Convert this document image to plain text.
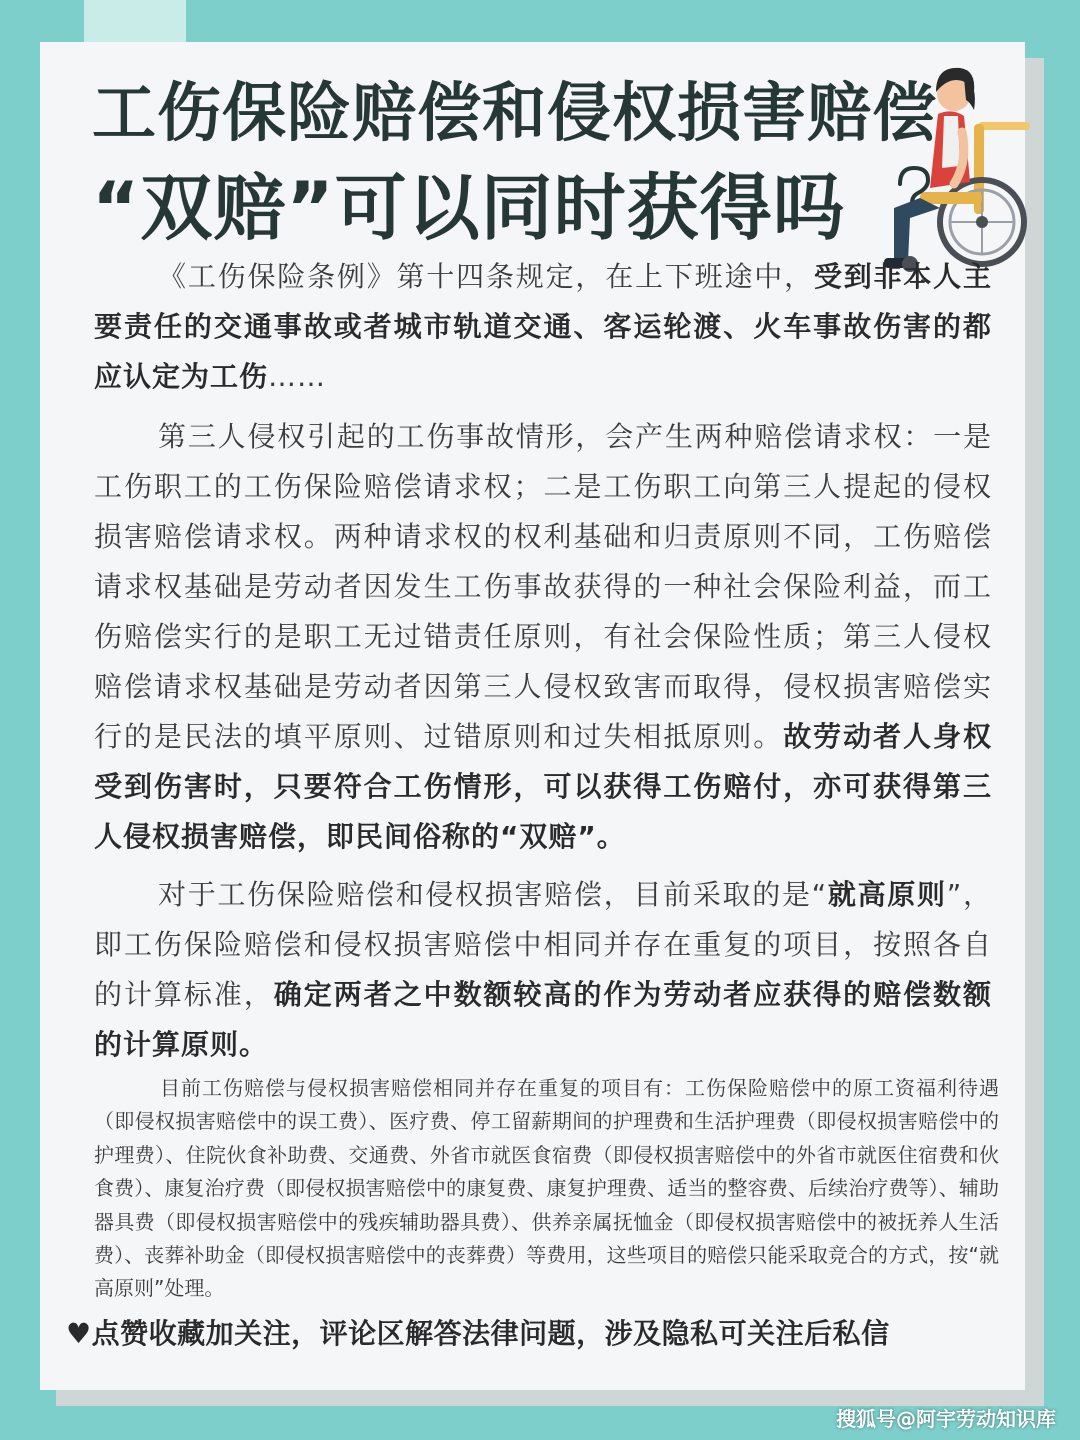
工伤保险赔偿和侵权损害赔偿
“双赔”可以同时获得吗

《工伤保险条例》第十四条规定，在上下班途中，受到非本人主要责任的交通事故或者城市轨道交通、客运轮渡、火车事故伤害的都应认定为工伤……

第三人侵权引起的工伤事故情形，会产生两种赔偿请求权：一是工伤职工的工伤保险赔偿请求权；二是工伤职工向第三人提起的侵权损害赔偿请求权。两种请求权的权利基础和归责原则不同，工伤赔偿请求权基础是劳动者因发生工伤事故获得的一种社会保险利益，而工伤赔偿实行的是职工无过错责任原则，有社会保险性质；第三人侵权赔偿请求权基础是劳动者因第三人侵权致害而取得，侵权损害赔偿实行的是民法的填平原则、过错原则和过失相抵原则。故劳动者人身权受到伤害时，只要符合工伤情形，可以获得工伤赔付，亦可获得第三人侵权损害赔偿，即民间俗称的“双赔”。

对于工伤保险赔偿和侵权损害赔偿，目前采取的是“就高原则”，即工伤保险赔偿和侵权损害赔偿中相同并存在重复的项目，按照各自的计算标准，确定两者之中数额较高的作为劳动者应获得的赔偿数额的计算原则。

目前工伤赔偿与侵权损害赔偿相同并存在重复的项目有：工伤保险赔偿中的原工资福利待遇（即侵权损害赔偿中的误工费）、医疗费、停工留薪期间的护理费和生活护理费（即侵权损害赔偿中的护理费）、住院伙食补助费、交通费、外省市就医食宿费（即侵权损害赔偿中的外省市就医住宿费和伙食费）、康复治疗费（即侵权损害赔偿中的康复费、康复护理费、适当的整容费、后续治疗费等）、辅助器具费（即侵权损害赔偿中的残疾辅助器具费）、供养亲属抚恤金（即侵权损害赔偿中的被抚养人生活费）、丧葬补助金（即侵权损害赔偿中的丧葬费）等费用，这些项目的赔偿只能采取竞合的方式，按“就高原则”处理。

♥点赞收藏加关注，评论区解答法律问题，涉及隐私可关注后私信

搜狐号@阿宇劳动知识库
